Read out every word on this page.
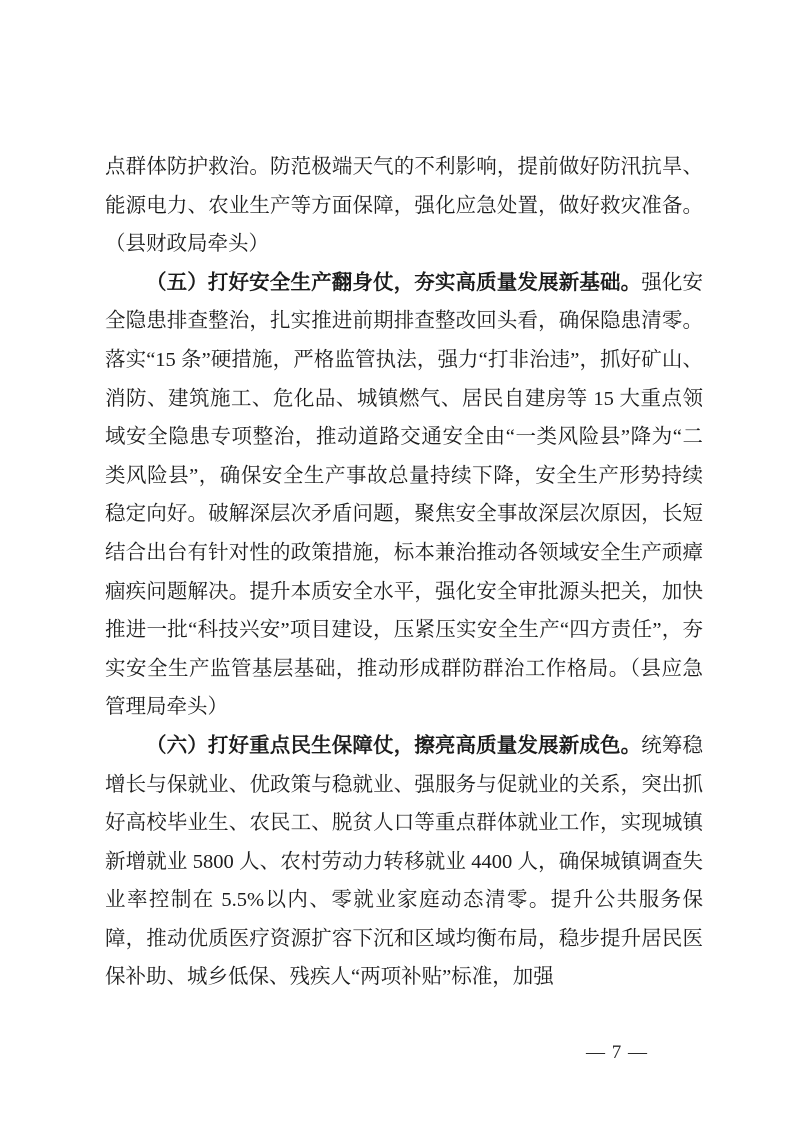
点群体防护救治。防范极端天气的不利影响，提前做好防汛抗旱、能源电力、农业生产等方面保障，强化应急处置，做好救灾准备。（县财政局牵头）

（五）打好安全生产翻身仗，夯实高质量发展新基础。强化安全隐患排查整治，扎实推进前期排查整改回头看，确保隐患清零。落实“15 条”硬措施，严格监管执法，强力“打非治违”，抓好矿山、消防、建筑施工、危化品、城镇燃气、居民自建房等 15 大重点领域安全隐患专项整治，推动道路交通安全由“一类风险县”降为“二类风险县”，确保安全生产事故总量持续下降，安全生产形势持续稳定向好。破解深层次矛盾问题，聚焦安全事故深层次原因，长短结合出台有针对性的政策措施，标本兼治推动各领域安全生产顽瘴痼疾问题解决。提升本质安全水平，强化安全审批源头把关，加快推进一批“科技兴安”项目建设，压紧压实安全生产“四方责任”，夯实安全生产监管基层基础，推动形成群防群治工作格局。（县应急管理局牵头）

（六）打好重点民生保障仗，擦亮高质量发展新成色。统筹稳增长与保就业、优政策与稳就业、强服务与促就业的关系，突出抓好高校毕业生、农民工、脱贫人口等重点群体就业工作，实现城镇新增就业 5800 人、农村劳动力转移就业 4400 人，确保城镇调查失业率控制在 5.5%以内、零就业家庭动态清零。提升公共服务保障，推动优质医疗资源扩容下沉和区域均衡布局，稳步提升居民医保补助、城乡低保、残疾人“两项补贴”标准，加强

— 7 —
